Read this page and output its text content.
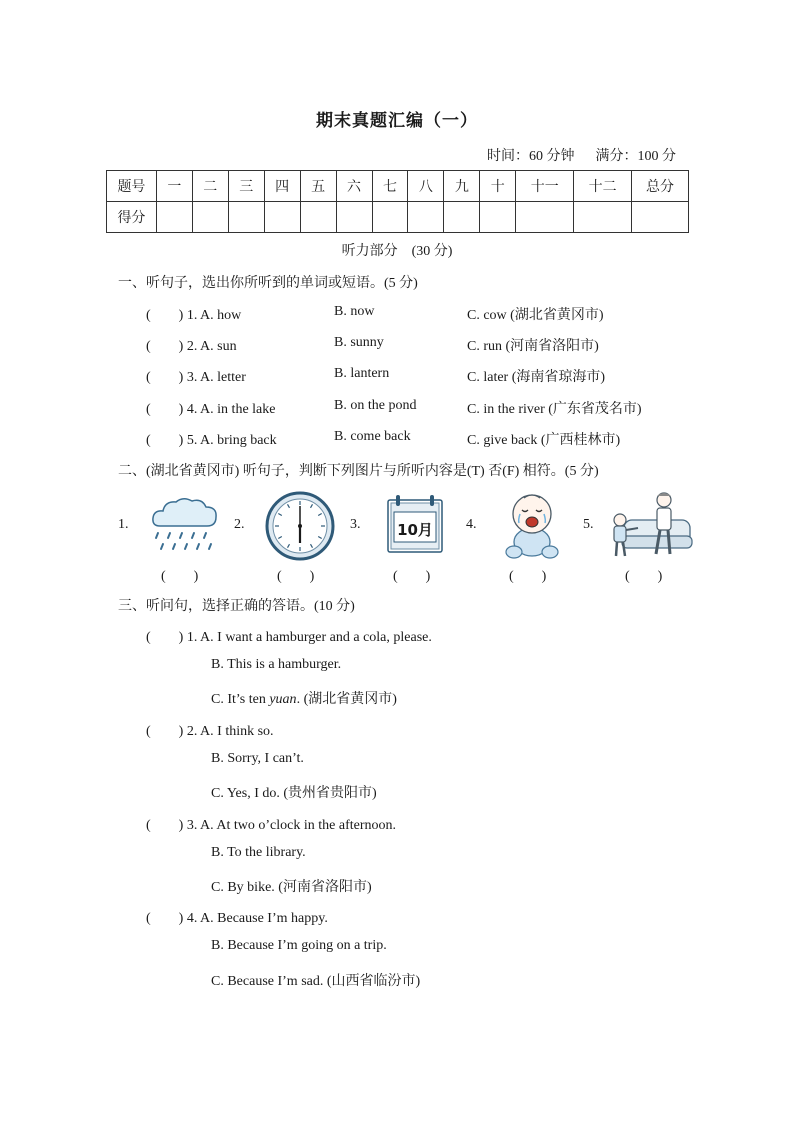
期末真题汇编（一）
时间：60 分钟 满分：100 分
题号	一	二	三	四	五	六	七	八	九	十	十一	十二	总分
得分													
听力部分　(30 分)
一、听句子，选出你所听到的单词或短语。(5 分)
(　　) 1. A. how	B. now	C. cow (湖北省黄冈市)
(　　) 2. A. sun	B. sunny	C. run (河南省洛阳市)
(　　) 3. A. letter	B. lantern	C. later (海南省琼海市)
(　　) 4. A. in the lake	B. on the pond	C. in the river (广东省茂名市)
(　　) 5. A. bring back	B. come back	C. give back (广西桂林市)
二、(湖北省黄冈市) 听句子，判断下列图片与所听内容是(T) 否(F) 相符。(5 分)
1.
(　　)
2.
(　　)
3.	10月
(　　)
4.
(　　)
5.
(　　)
三、听问句，选择正确的答语。(10 分)
(　　) 1. A. I want a hamburger and a cola, please.
B. This is a hamburger.
C. It’s ten yuan. (湖北省黄冈市)
(　　) 2. A. I think so.
B. Sorry, I can’t.
C. Yes, I do. (贵州省贵阳市)
(　　) 3. A. At two o’clock in the afternoon.
B. To the library.
C. By bike. (河南省洛阳市)
(　　) 4. A. Because I’m happy.
B. Because I’m going on a trip.
C. Because I’m sad. (山西省临汾市)
